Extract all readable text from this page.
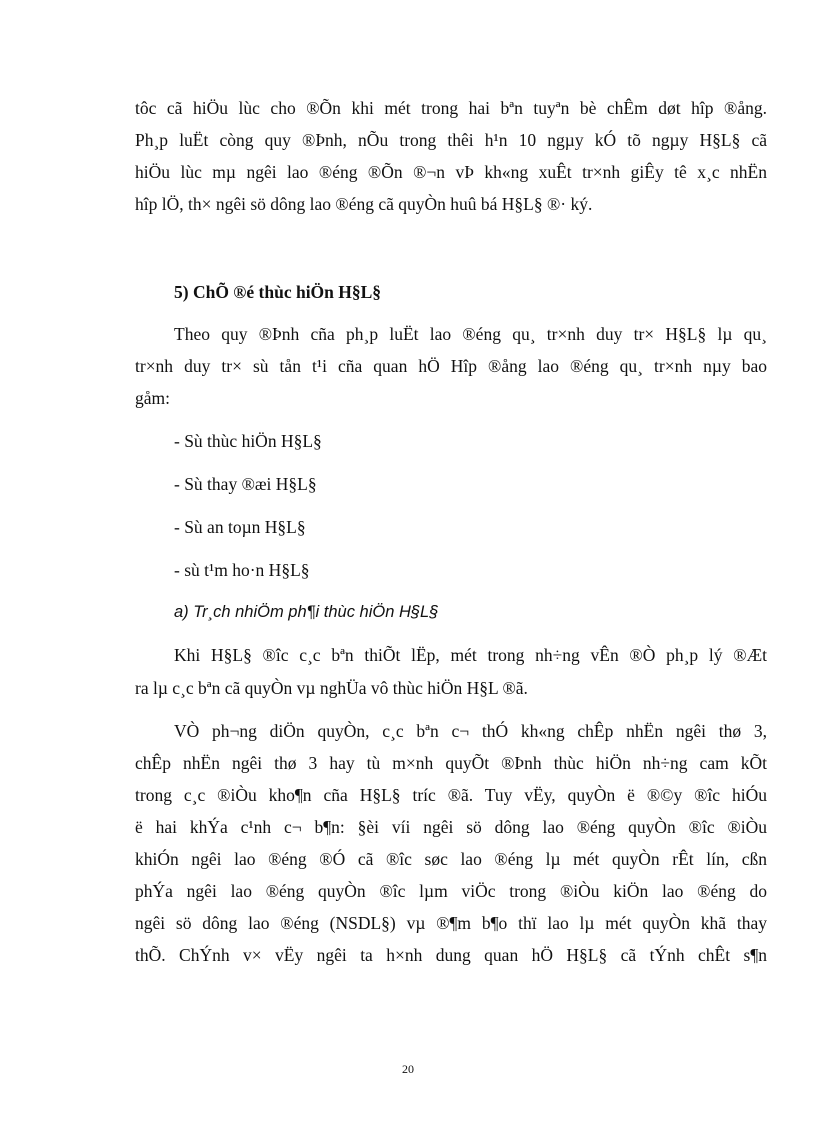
tôc cã hiÖu lùc cho ®Õn khi mét trong hai bªn tuyªn bè chÊm døt hîp ®ång.
Ph¸p luËt còng quy ®Þnh, nÕu trong thêi h¹n 10 ngµy kÓ tõ ngµy H§L§ cã
hiÖu lùc mµ ngêi lao ®éng ®Õn ®¬n vÞ kh«ng xuÊt tr×nh giÊy tê x¸c nhËn
hîp lÖ, th× ngêi sö dông lao ®éng cã quyÒn huû bá H§L§ ®· ký.
5) ChÕ ®é thùc hiÖn H§L§
Theo quy ®Þnh cña ph¸p luËt lao ®éng qu¸ tr×nh duy tr× H§L§ lµ qu¸
tr×nh duy tr× sù tån t¹i cña quan hÖ Hîp ®ång lao ®éng qu¸ tr×nh nµy bao
gåm:
- Sù thùc hiÖn H§L§
- Sù thay ®æi H§L§
- Sù an toµn H§L§
- sù t¹m ho·n H§L§
a) Tr¸ch nhiÖm ph¶i thùc hiÖn H§L§
Khi H§L§ ®îc c¸c bªn thiÕt lËp, mét trong nh÷ng vÊn ®Ò ph¸p lý ®Æt
ra lµ c¸c bªn cã quyÒn vµ nghÜa vô thùc hiÖn H§L ®ã.
VÒ ph¬ng diÖn quyÒn, c¸c bªn c¬ thÓ kh«ng chÊp nhËn ngêi thø 3,
chÊp nhËn ngêi thø 3 hay tù m×nh quyÕt ®Þnh thùc hiÖn nh÷ng cam kÕt
trong c¸c ®iÒu kho¶n cña H§L§ tríc ®ã. Tuy vËy, quyÒn ë ®©y ®îc hiÓu
ë hai khÝa c¹nh c¬ b¶n: §èi víi ngêi sö dông lao ®éng quyÒn ®îc ®iÒu
khiÓn ngêi lao ®éng ®Ó cã ®îc søc lao ®éng lµ mét quyÒn rÊt lín, cßn
phÝa ngêi lao ®éng quyÒn ®îc lµm viÖc trong ®iÒu kiÖn lao ®éng do
ngêi sö dông lao ®éng (NSDL§) vµ ®¶m b¶o thï lao lµ mét quyÒn khã thay
thÕ. ChÝnh v× vËy ngêi ta h×nh dung quan hÖ H§L§ cã tÝnh chÊt s¶n
20
